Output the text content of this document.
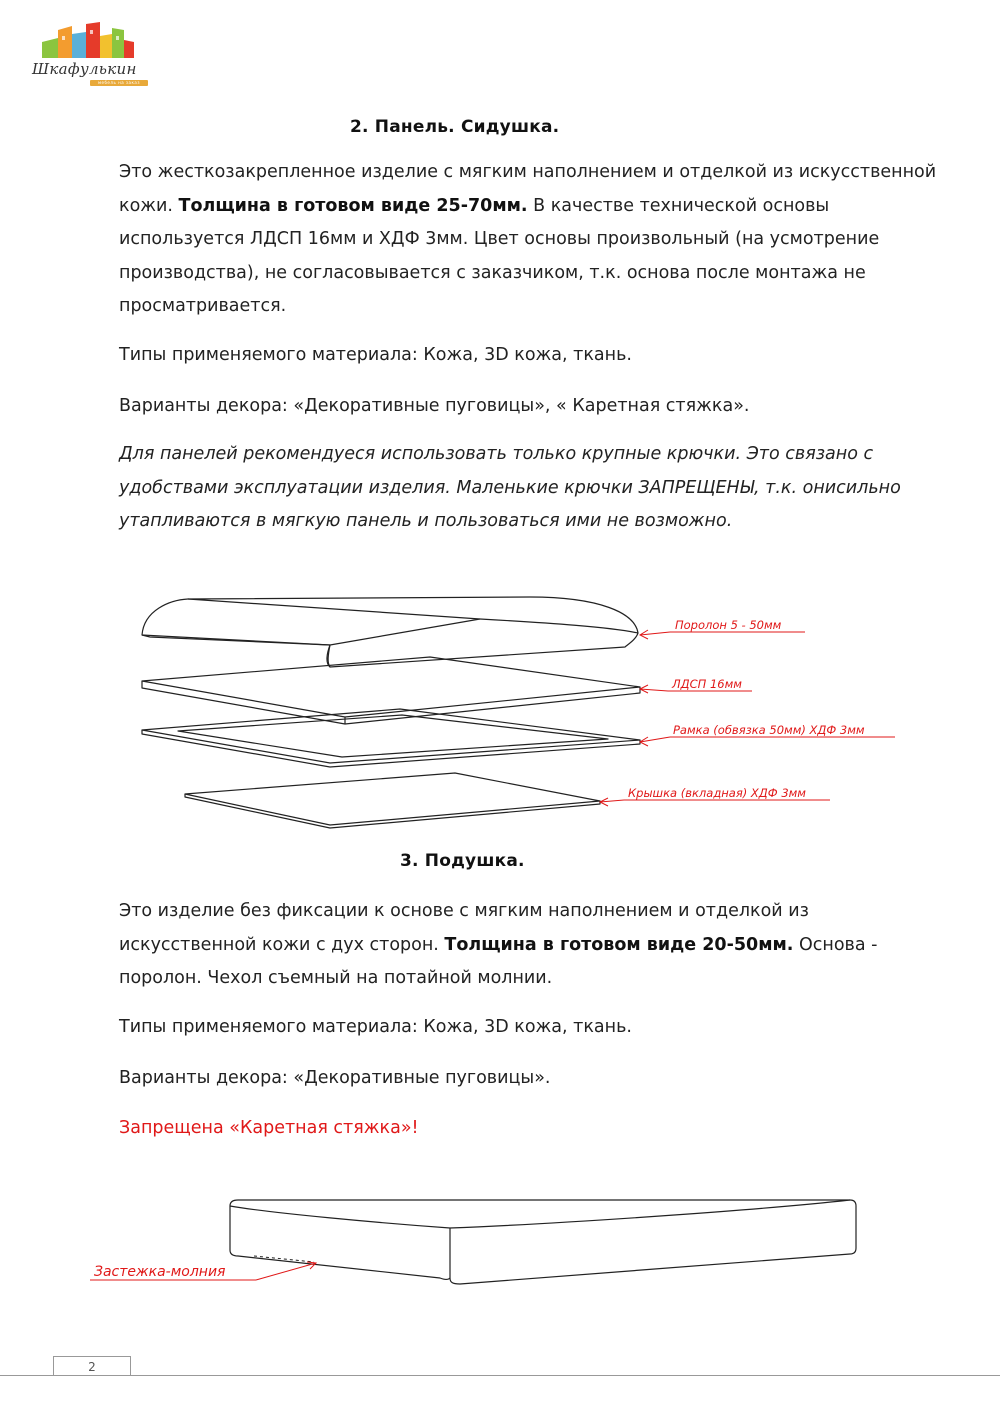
Шкафулькин
мебель на заказ
2. Панель. Сидушка.

Это жесткозакрепленное изделие с мягким наполнением и отделкой из искусственной кожи. Толщина в готовом виде 25-70мм. В качестве технической основы используется ЛДСП 16мм и ХДФ 3мм. Цвет основы произвольный (на усмотрение производства), не согласовывается с заказчиком, т.к. основа после монтажа не просматривается.

Типы применяемого материала: Кожа, 3D кожа, ткань.

Варианты декора: «Декоративные пуговицы», « Каретная стяжка».

Для панелей рекомендуеся использовать только крупные крючки. Это связано с удобствами эксплуатации изделия. Маленькие крючки ЗАПРЕЩЕНЫ, т.к. онисильно утапливаются в мягкую панель и пользоваться ими не возможно.

Поролон 5 - 50мм
ЛДСП 16мм
Рамка (обвязка 50мм) ХДФ 3мм
Крышка (вкладная) ХДФ 3мм
3. Подушка.

Это изделие без фиксации к основе с мягким наполнением и отделкой из искусственной кожи с дух сторон. Толщина в готовом виде 20-50мм. Основа - поролон. Чехол съемный на потайной молнии.

Типы применяемого материала: Кожа, 3D кожа, ткань.

Варианты декора: «Декоративные пуговицы».

Запрещена «Каретная стяжка»!

Застежка-молния
2
